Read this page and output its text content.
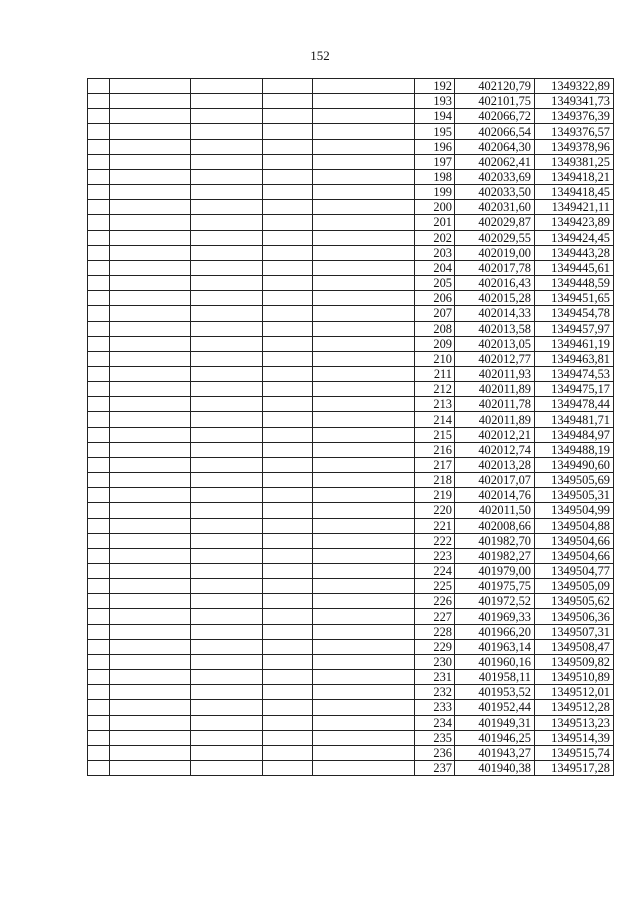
152
					192	402120,79	1349322,89
					193	402101,75	1349341,73
					194	402066,72	1349376,39
					195	402066,54	1349376,57
					196	402064,30	1349378,96
					197	402062,41	1349381,25
					198	402033,69	1349418,21
					199	402033,50	1349418,45
					200	402031,60	1349421,11
					201	402029,87	1349423,89
					202	402029,55	1349424,45
					203	402019,00	1349443,28
					204	402017,78	1349445,61
					205	402016,43	1349448,59
					206	402015,28	1349451,65
					207	402014,33	1349454,78
					208	402013,58	1349457,97
					209	402013,05	1349461,19
					210	402012,77	1349463,81
					211	402011,93	1349474,53
					212	402011,89	1349475,17
					213	402011,78	1349478,44
					214	402011,89	1349481,71
					215	402012,21	1349484,97
					216	402012,74	1349488,19
					217	402013,28	1349490,60
					218	402017,07	1349505,69
					219	402014,76	1349505,31
					220	402011,50	1349504,99
					221	402008,66	1349504,88
					222	401982,70	1349504,66
					223	401982,27	1349504,66
					224	401979,00	1349504,77
					225	401975,75	1349505,09
					226	401972,52	1349505,62
					227	401969,33	1349506,36
					228	401966,20	1349507,31
					229	401963,14	1349508,47
					230	401960,16	1349509,82
					231	401958,11	1349510,89
					232	401953,52	1349512,01
					233	401952,44	1349512,28
					234	401949,31	1349513,23
					235	401946,25	1349514,39
					236	401943,27	1349515,74
					237	401940,38	1349517,28
